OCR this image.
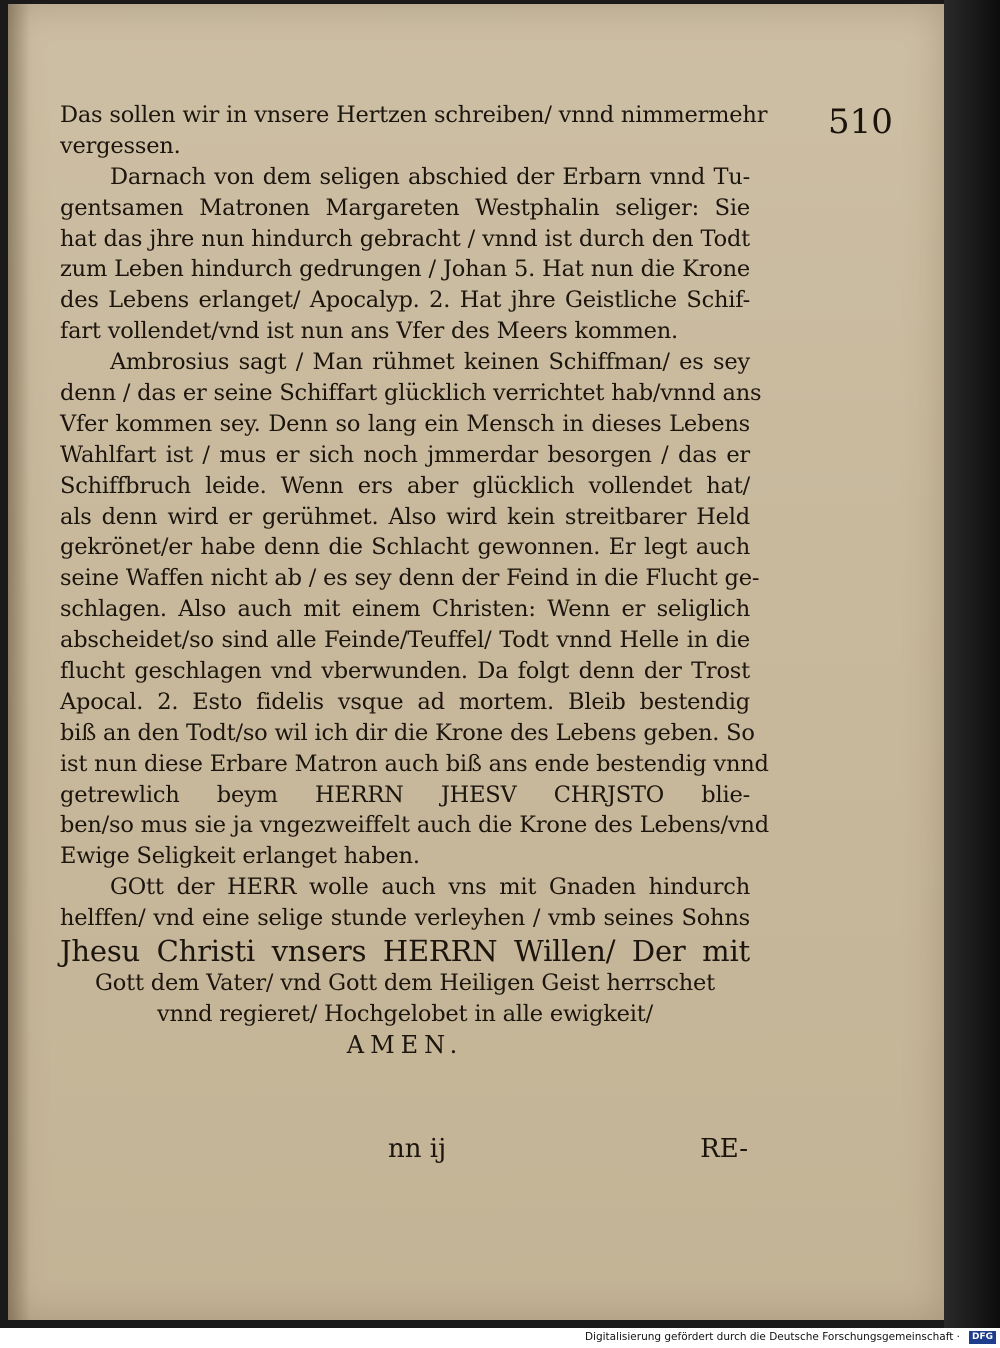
510
Das sollen wir in vnsere Hertzen schreiben/ vnnd nimmermehr
vergessen.
Darnach von dem seligen abschied der Erbarn vnnd Tu-
gentsamen Matronen Margareten Westphalin seliger: Sie
hat das jhre nun hindurch gebracht / vnnd ist durch den Todt
zum Leben hindurch gedrungen / Johan 5. Hat nun die Krone
des Lebens erlanget/ Apocalyp. 2. Hat jhre Geistliche Schif-
fart vollendet/vnd ist nun ans Vfer des Meers kommen.
Ambrosius sagt / Man rühmet keinen Schiffman/ es sey
denn / das er seine Schiffart glücklich verrichtet hab/vnnd ans
Vfer kommen sey. Denn so lang ein Mensch in dieses Lebens
Wahlfart ist / mus er sich noch jmmerdar besorgen / das er
Schiffbruch leide. Wenn ers aber glücklich vollendet hat/
als denn wird er gerühmet. Also wird kein streitbarer Held
gekrönet/er habe denn die Schlacht gewonnen. Er legt auch
seine Waffen nicht ab / es sey denn der Feind in die Flucht ge-
schlagen. Also auch mit einem Christen: Wenn er seliglich
abscheidet/so sind alle Feinde/Teuffel/ Todt vnnd Helle in die
flucht geschlagen vnd vberwunden. Da folgt denn der Trost
Apocal. 2. Esto fidelis vsque ad mortem. Bleib bestendig
biß an den Todt/so wil ich dir die Krone des Lebens geben. So
ist nun diese Erbare Matron auch biß ans ende bestendig vnnd
getrewlich beym HERRN JHESV CHRJSTO blie-
ben/so mus sie ja vngezweiffelt auch die Krone des Lebens/vnd
Ewige Seligkeit erlanget haben.
GOtt der HERR wolle auch vns mit Gnaden hindurch
helffen/ vnd eine selige stunde verleyhen / vmb seines Sohns
Jhesu Christi vnsers HERRN Willen/ Der mit
Gott dem Vater/ vnd Gott dem Heiligen Geist herrschet
vnnd regieret/ Hochgelobet in alle ewigkeit/
AMEN.
nn ij	RE-
Digitalisierung gefördert durch die Deutsche Forschungsgemeinschaft ·	DFG
